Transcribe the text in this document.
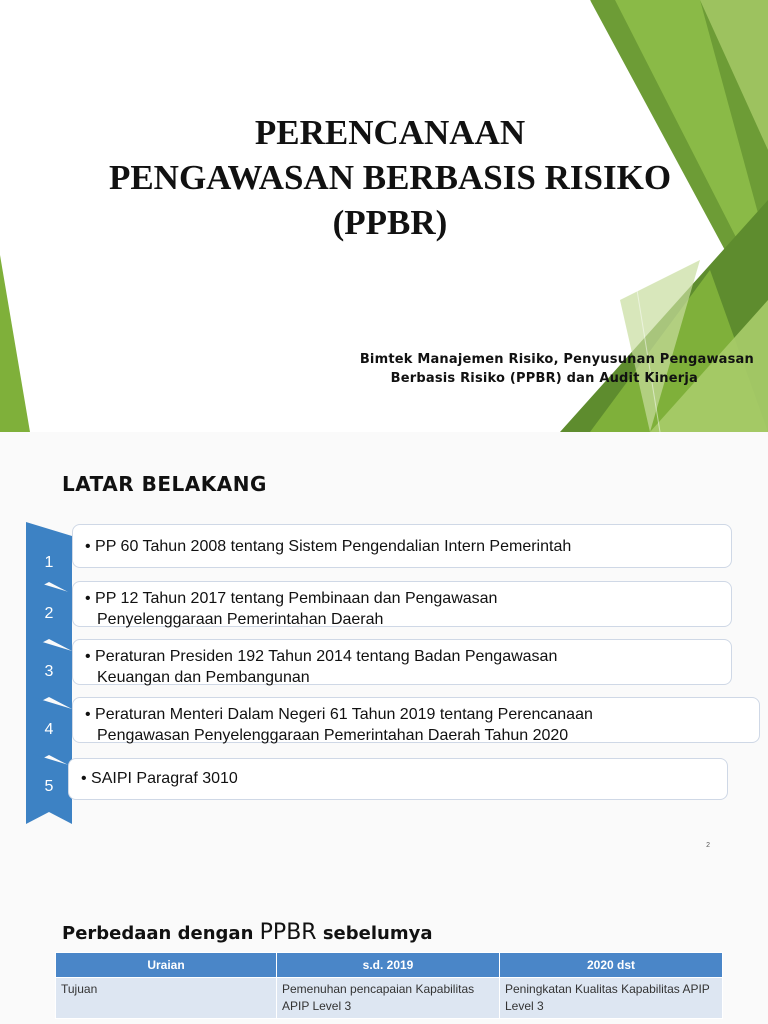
PERENCANAAN
PENGAWASAN BERBASIS RISIKO
(PPBR)
Bimtek Manajemen Risiko, Penyusunan Pengawasan
Berbasis Risiko (PPBR) dan Audit Kinerja
LATAR BELAKANG
1
• PP 60 Tahun 2008 tentang Sistem Pengendalian Intern Pemerintah
2
• PP 12 Tahun 2017 tentang Pembinaan dan Pengawasan
Penyelenggaraan Pemerintahan Daerah
3
• Peraturan Presiden 192 Tahun 2014 tentang Badan Pengawasan
Keuangan dan Pembangunan
4
• Peraturan Menteri Dalam Negeri 61 Tahun 2019 tentang Perencanaan
Pengawasan Penyelenggaraan Pemerintahan Daerah Tahun 2020
5	• SAIPI Paragraf 3010
2
Perbedaan dengan PPBR sebelumya
Uraian	s.d. 2019	2020 dst
Tujuan	Pemenuhan pencapaian Kapabilitas APIP Level 3	Peningkatan Kualitas Kapabilitas APIP Level 3
